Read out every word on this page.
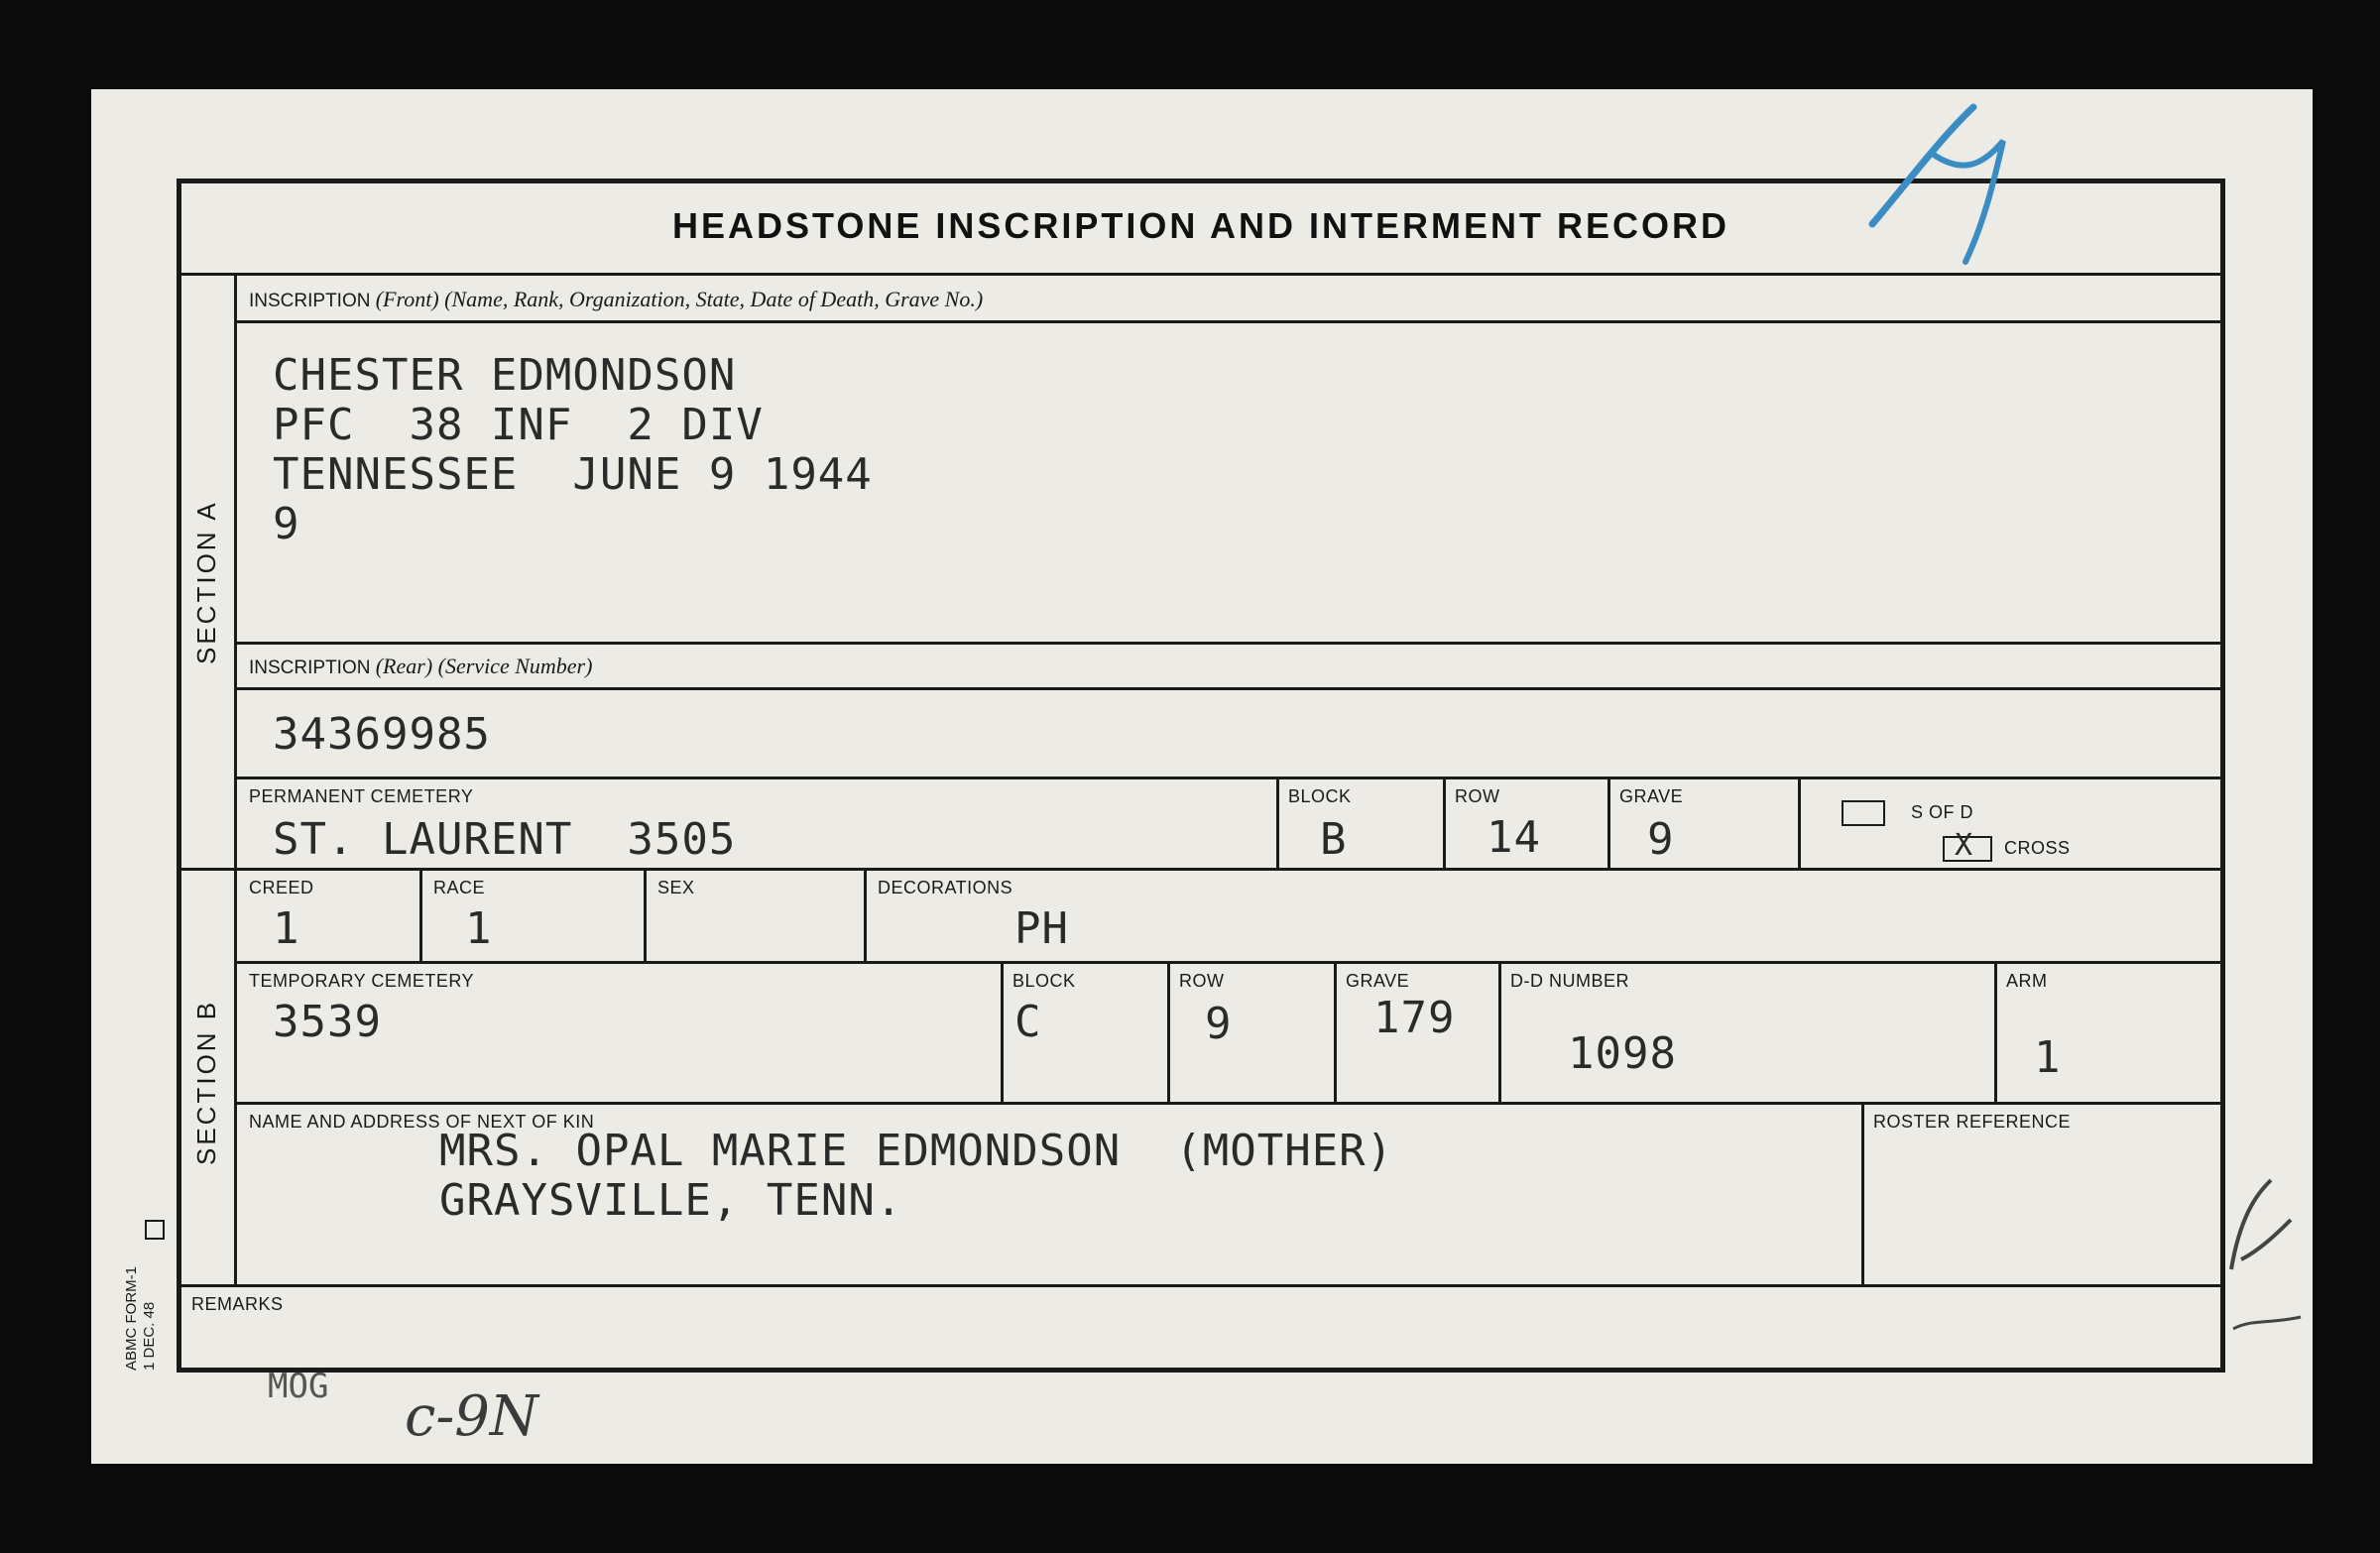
HEADSTONE INSCRIPTION AND INTERMENT RECORD
SECTION A
SECTION B
INSCRIPTION (Front) (Name, Rank, Organization, State, Date of Death, Grave No.)
CHESTER EDMONDSON
PFC  38 INF  2 DIV
TENNESSEE  JUNE 9 1944
9
INSCRIPTION (Rear) (Service Number)
34369985
PERMANENT CEMETERY
ST. LAURENT  3505
BLOCK
B
ROW
14
GRAVE
9
S OF D
X CROSS
CREED
1
RACE
1
SEX	DECORATIONS
PH
TEMPORARY CEMETERY
3539
BLOCK
C
ROW
9
GRAVE
179
D-D NUMBER
1098
ARM
1
NAME AND ADDRESS OF NEXT OF KIN
MRS. OPAL MARIE EDMONDSON  (MOTHER)
GRAYSVILLE, TENN.
ROSTER REFERENCE
REMARKS
ABMC FORM-1 1 DEC. 48
MOG c-9N
